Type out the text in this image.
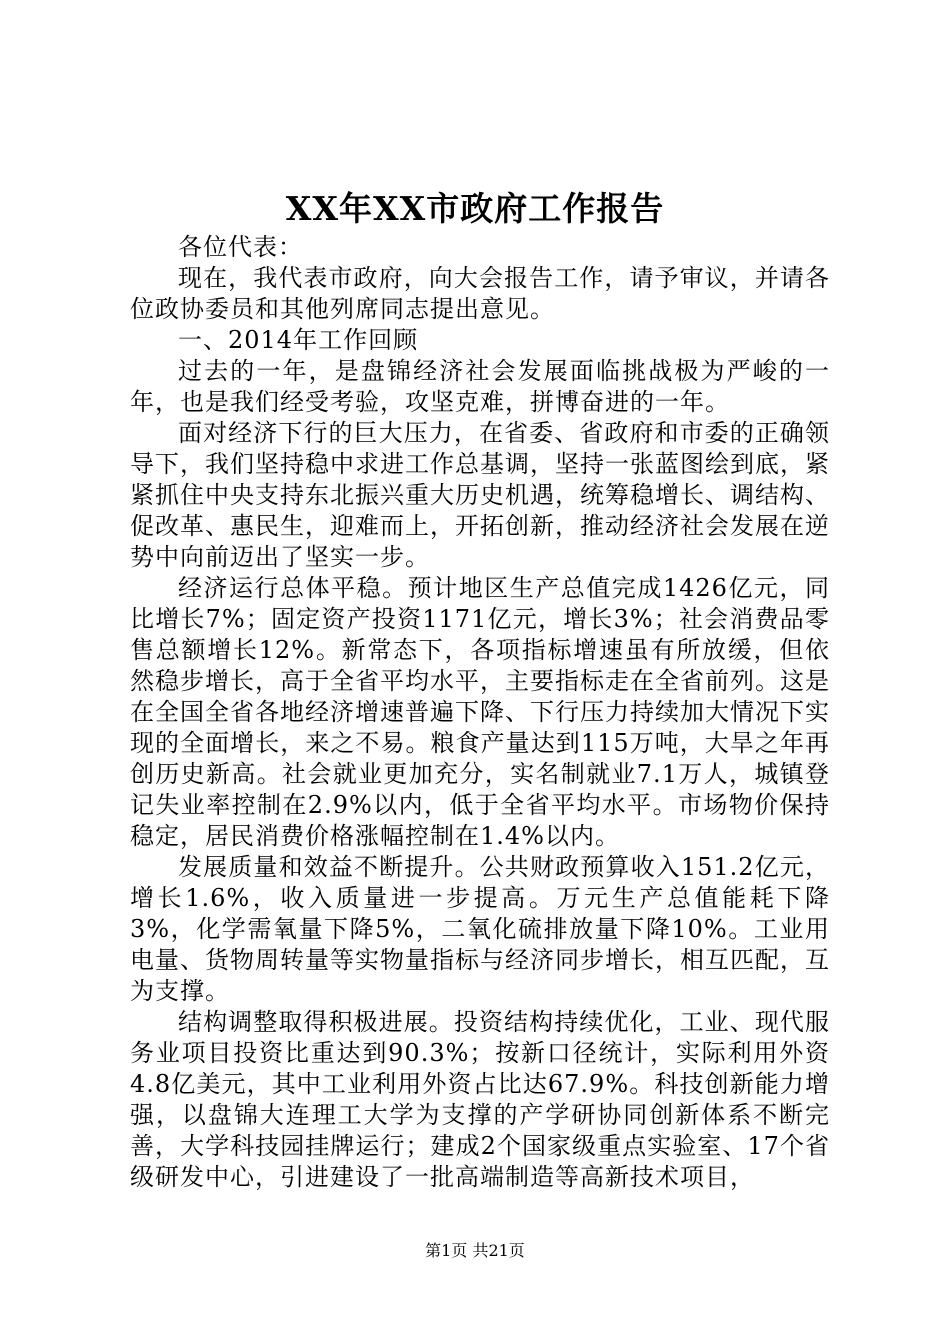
XX年XX市政府工作报告

各位代表：

现在，我代表市政府，向大会报告工作，请予审议，并请各位政协委员和其他列席同志提出意见。

一、2014年工作回顾

过去的一年，是盘锦经济社会发展面临挑战极为严峻的一年，也是我们经受考验，攻坚克难，拼博奋进的一年。

面对经济下行的巨大压力，在省委、省政府和市委的正确领导下，我们坚持稳中求进工作总基调，坚持一张蓝图绘到底，紧紧抓住中央支持东北振兴重大历史机遇，统筹稳增长、调结构、促改革、惠民生，迎难而上，开拓创新，推动经济社会发展在逆势中向前迈出了坚实一步。

经济运行总体平稳。预计地区生产总值完成1426亿元，同比增长7%；固定资产投资1171亿元，增长3%；社会消费品零售总额增长12%。新常态下，各项指标增速虽有所放缓，但依然稳步增长，高于全省平均水平，主要指标走在全省前列。这是在全国全省各地经济增速普遍下降、下行压力持续加大情况下实现的全面增长，来之不易。粮食产量达到115万吨，大旱之年再创历史新高。社会就业更加充分，实名制就业7.1万人，城镇登记失业率控制在2.9%以内，低于全省平均水平。市场物价保持稳定，居民消费价格涨幅控制在1.4%以内。

发展质量和效益不断提升。公共财政预算收入151.2亿元，增长1.6%，收入质量进一步提高。万元生产总值能耗下降3%，化学需氧量下降5%，二氧化硫排放量下降10%。工业用电量、货物周转量等实物量指标与经济同步增长，相互匹配，互为支撑。

结构调整取得积极进展。投资结构持续优化，工业、现代服务业项目投资比重达到90.3%；按新口径统计，实际利用外资4.8亿美元，其中工业利用外资占比达67.9%。科技创新能力增强，以盘锦大连理工大学为支撑的产学研协同创新体系不断完善，大学科技园挂牌运行；建成2个国家级重点实验室、17个省级研发中心，引进建设了一批高端制造等高新技术项目，

第1页 共21页
